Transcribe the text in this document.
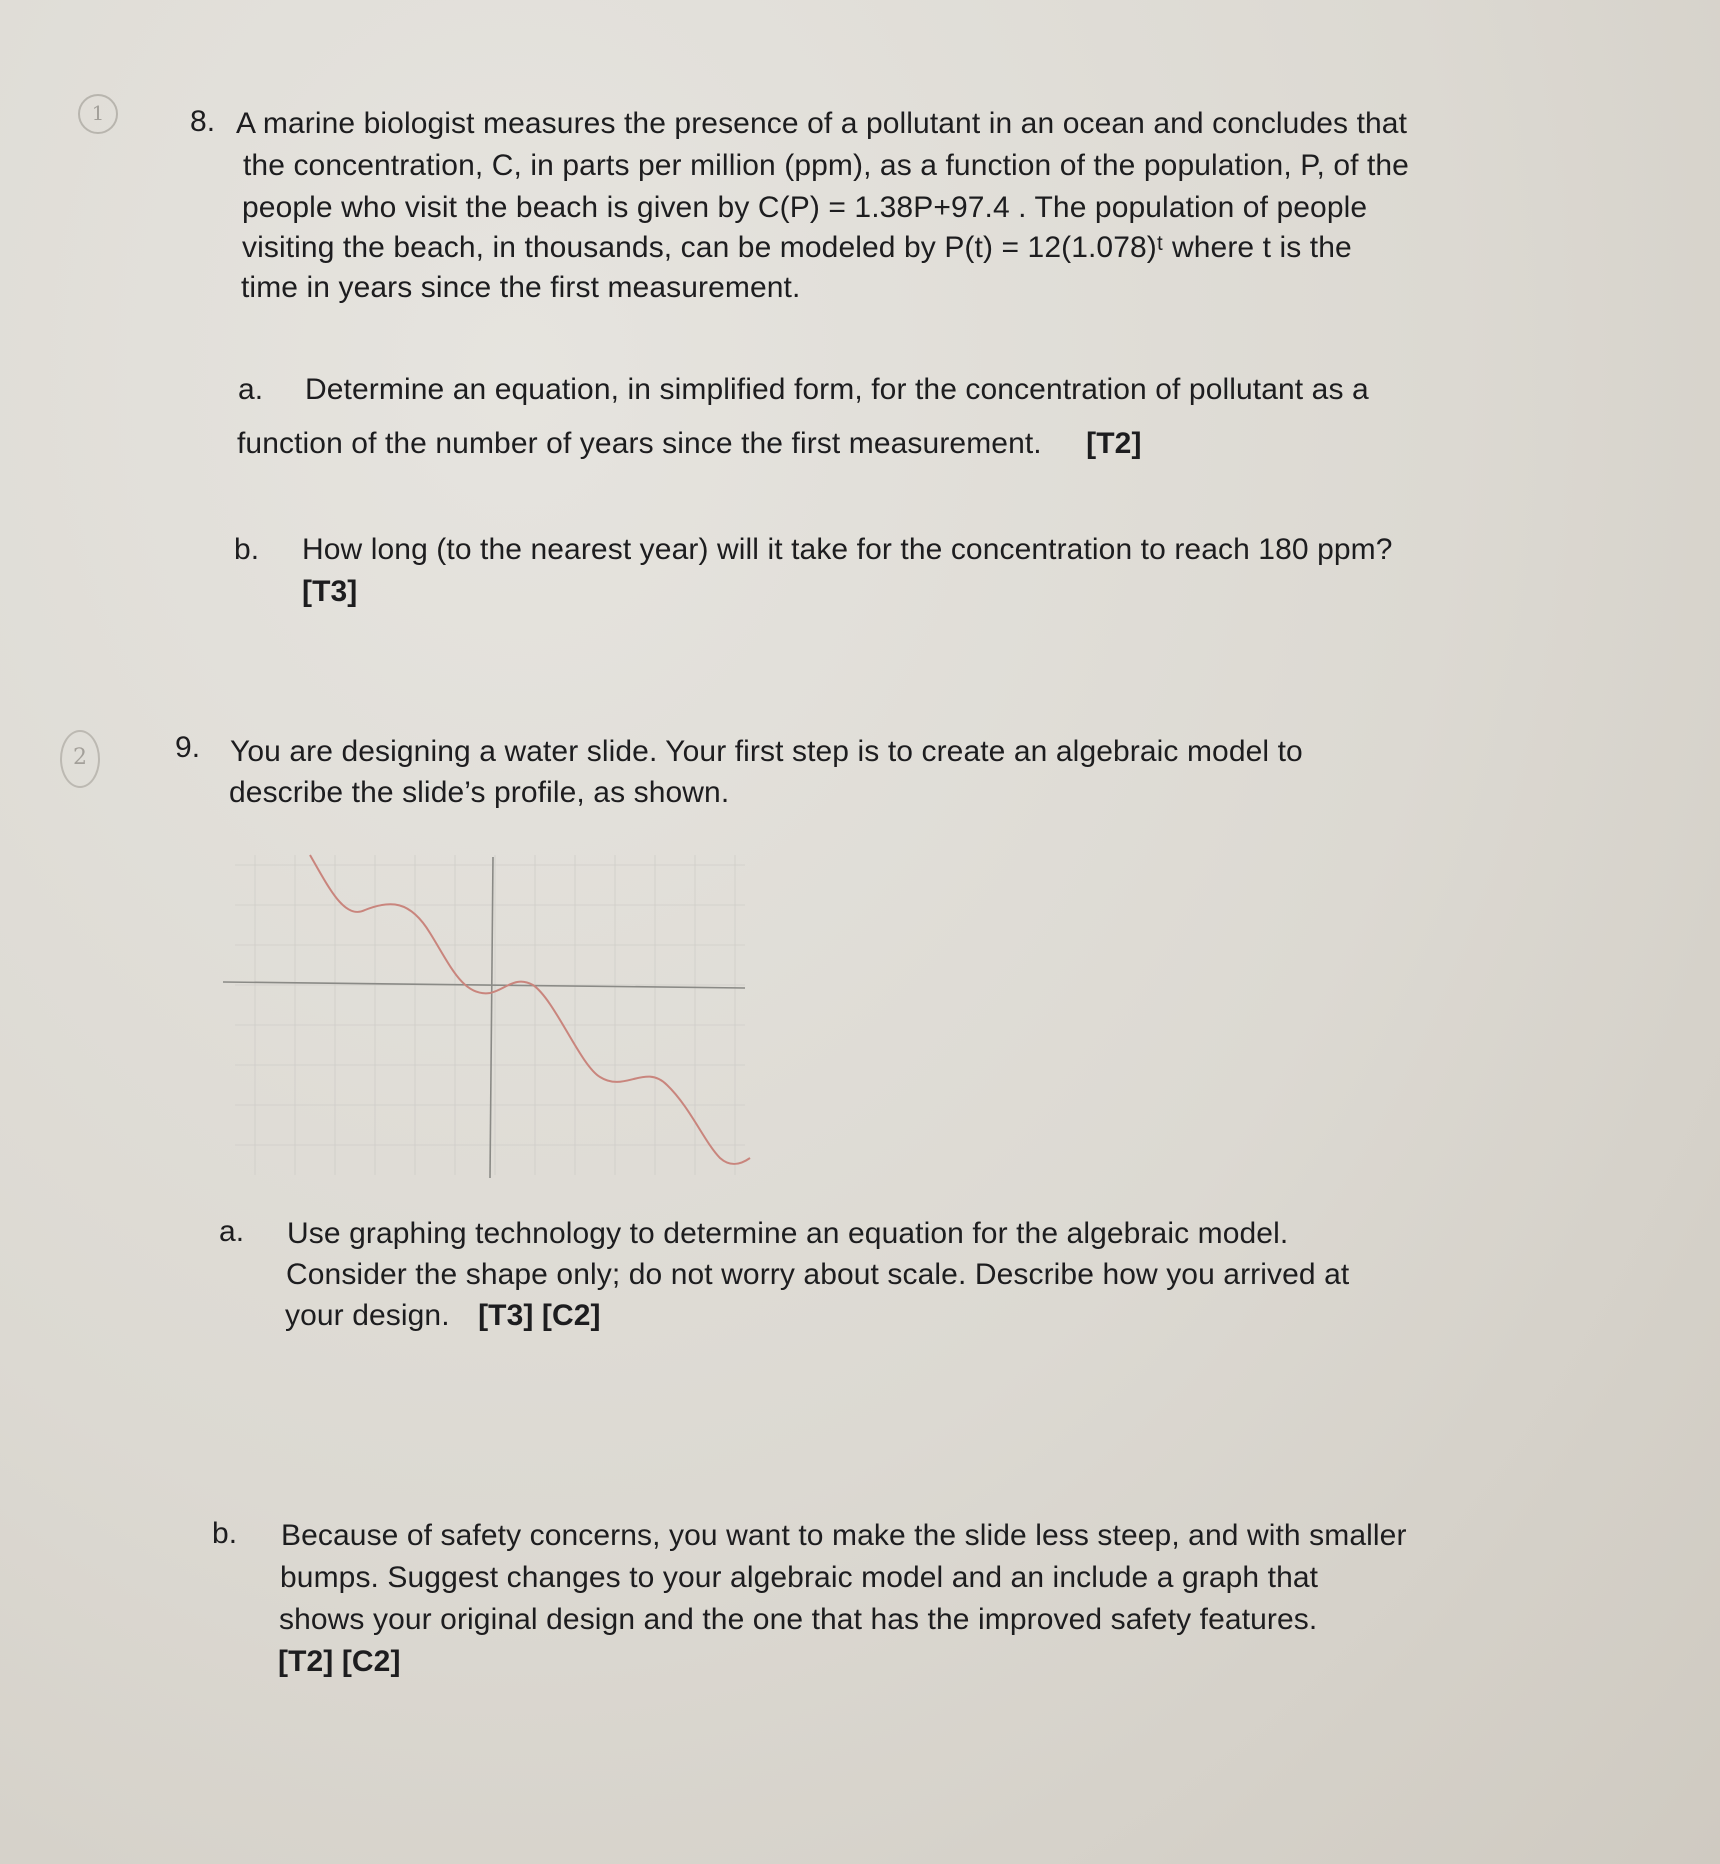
1
2
8. A marine biologist measures the presence of a pollutant in an ocean and concludes that
the concentration, C, in parts per million (ppm), as a function of the population, P, of the
people who visit the beach is given by C(P) = 1.38P+97.4 . The population of people
visiting the beach, in thousands, can be modeled by P(t) = 12(1.078)ᵗ where t is the
time in years since the first measurement.
a. Determine an equation, in simplified form, for the concentration of pollutant as a
function of the number of years since the first measurement. [T2]
b. How long (to the nearest year) will it take for the concentration to reach 180 ppm?
[T3]
9. You are designing a water slide. Your first step is to create an algebraic model to
describe the slide’s profile, as shown.
a. Use graphing technology to determine an equation for the algebraic model.
Consider the shape only; do not worry about scale. Describe how you arrived at
your design. [T3] [C2]
b. Because of safety concerns, you want to make the slide less steep, and with smaller
bumps. Suggest changes to your algebraic model and an include a graph that
shows your original design and the one that has the improved safety features.
[T2] [C2]
